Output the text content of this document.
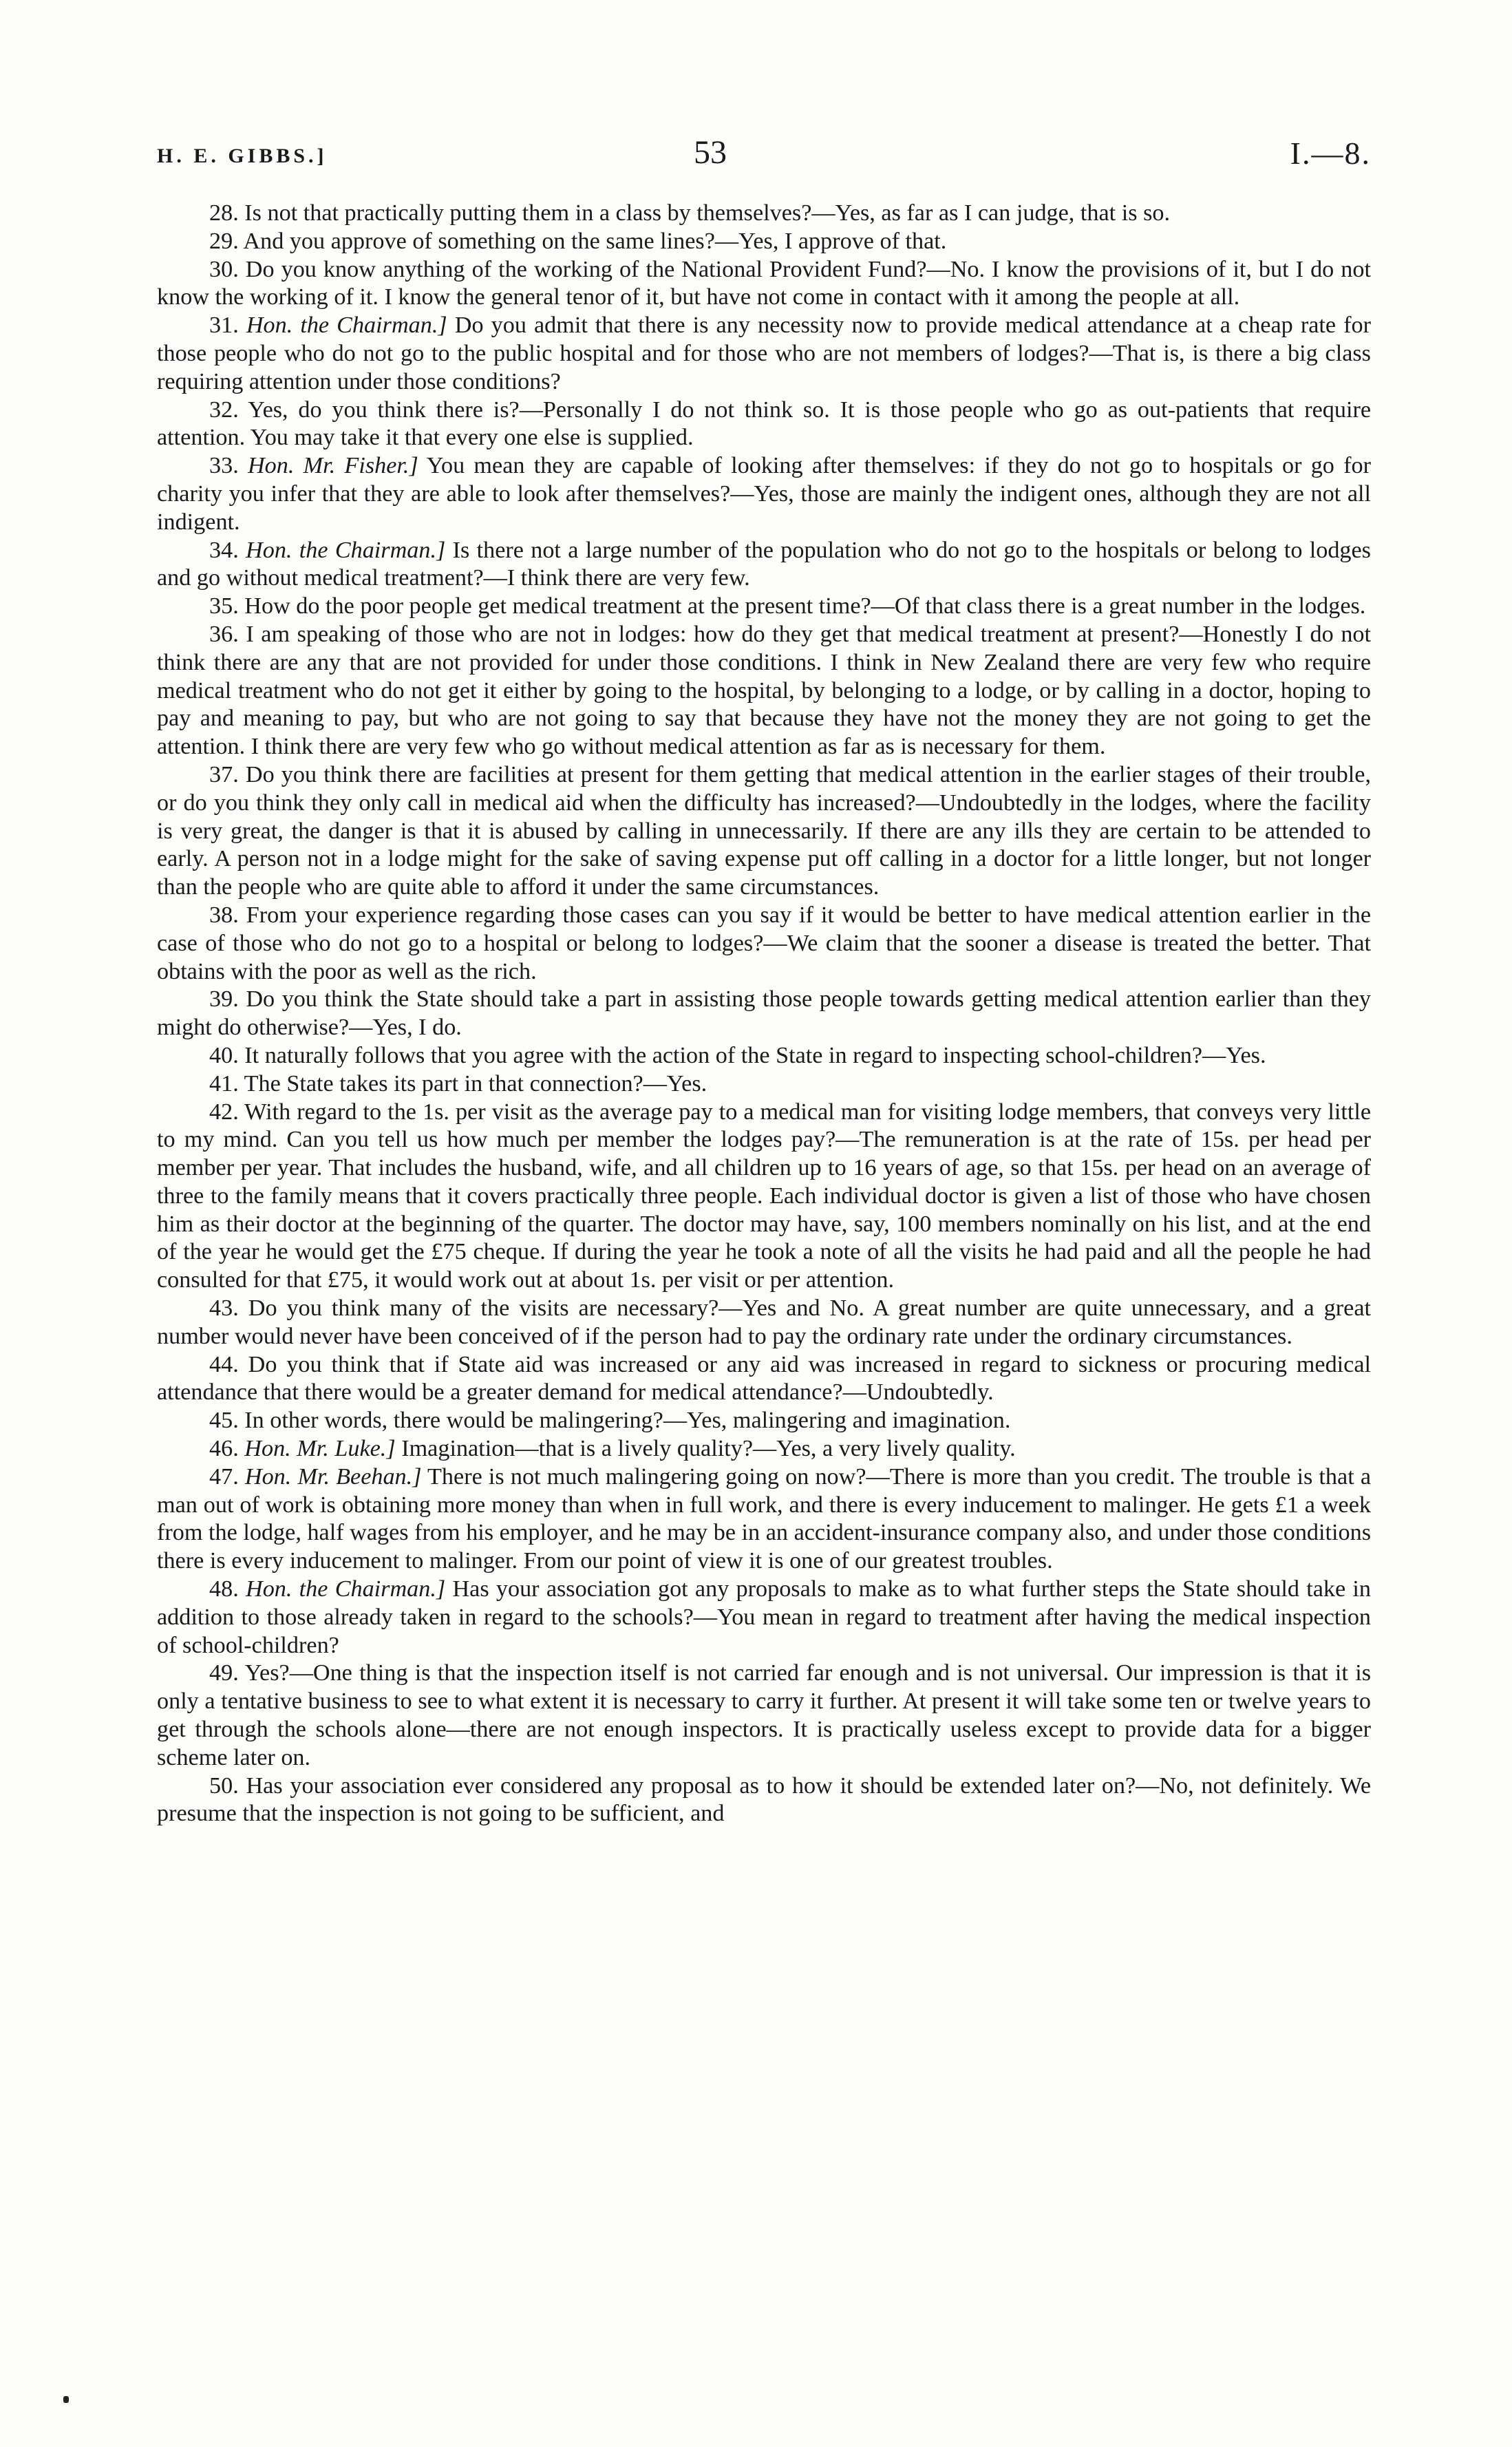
H. E. GIBBS.]	53	I.—8.

28. Is not that practically putting them in a class by themselves?—Yes, as far as I can judge, that is so.

29. And you approve of something on the same lines?—Yes, I approve of that.

30. Do you know anything of the working of the National Provident Fund?—No. I know the provisions of it, but I do not know the working of it. I know the general tenor of it, but have not come in contact with it among the people at all.

31. Hon. the Chairman.] Do you admit that there is any necessity now to provide medical attendance at a cheap rate for those people who do not go to the public hospital and for those who are not members of lodges?—That is, is there a big class requiring attention under those conditions?

32. Yes, do you think there is?—Personally I do not think so. It is those people who go as out-patients that require attention. You may take it that every one else is supplied.

33. Hon. Mr. Fisher.] You mean they are capable of looking after themselves: if they do not go to hospitals or go for charity you infer that they are able to look after themselves?—Yes, those are mainly the indigent ones, although they are not all indigent.

34. Hon. the Chairman.] Is there not a large number of the population who do not go to the hospitals or belong to lodges and go without medical treatment?—I think there are very few.

35. How do the poor people get medical treatment at the present time?—Of that class there is a great number in the lodges.

36. I am speaking of those who are not in lodges: how do they get that medical treatment at present?—Honestly I do not think there are any that are not provided for under those conditions. I think in New Zealand there are very few who require medical treatment who do not get it either by going to the hospital, by belonging to a lodge, or by calling in a doctor, hoping to pay and meaning to pay, but who are not going to say that because they have not the money they are not going to get the attention. I think there are very few who go without medical attention as far as is necessary for them.

37. Do you think there are facilities at present for them getting that medical attention in the earlier stages of their trouble, or do you think they only call in medical aid when the difficulty has increased?—Undoubtedly in the lodges, where the facility is very great, the danger is that it is abused by calling in unnecessarily. If there are any ills they are certain to be attended to early. A person not in a lodge might for the sake of saving expense put off calling in a doctor for a little longer, but not longer than the people who are quite able to afford it under the same circumstances.

38. From your experience regarding those cases can you say if it would be better to have medical attention earlier in the case of those who do not go to a hospital or belong to lodges?—We claim that the sooner a disease is treated the better. That obtains with the poor as well as the rich.

39. Do you think the State should take a part in assisting those people towards getting medical attention earlier than they might do otherwise?—Yes, I do.

40. It naturally follows that you agree with the action of the State in regard to inspecting school-children?—Yes.

41. The State takes its part in that connection?—Yes.

42. With regard to the 1s. per visit as the average pay to a medical man for visiting lodge members, that conveys very little to my mind. Can you tell us how much per member the lodges pay?—The remuneration is at the rate of 15s. per head per member per year. That includes the husband, wife, and all children up to 16 years of age, so that 15s. per head on an average of three to the family means that it covers practically three people. Each individual doctor is given a list of those who have chosen him as their doctor at the beginning of the quarter. The doctor may have, say, 100 members nominally on his list, and at the end of the year he would get the £75 cheque. If during the year he took a note of all the visits he had paid and all the people he had consulted for that £75, it would work out at about 1s. per visit or per attention.

43. Do you think many of the visits are necessary?—Yes and No. A great number are quite unnecessary, and a great number would never have been conceived of if the person had to pay the ordinary rate under the ordinary circumstances.

44. Do you think that if State aid was increased or any aid was increased in regard to sickness or procuring medical attendance that there would be a greater demand for medical attendance?—Undoubtedly.

45. In other words, there would be malingering?—Yes, malingering and imagination.

46. Hon. Mr. Luke.] Imagination—that is a lively quality?—Yes, a very lively quality.

47. Hon. Mr. Beehan.] There is not much malingering going on now?—There is more than you credit. The trouble is that a man out of work is obtaining more money than when in full work, and there is every inducement to malinger. He gets £1 a week from the lodge, half wages from his employer, and he may be in an accident-insurance company also, and under those conditions there is every inducement to malinger. From our point of view it is one of our greatest troubles.

48. Hon. the Chairman.] Has your association got any proposals to make as to what further steps the State should take in addition to those already taken in regard to the schools?—You mean in regard to treatment after having the medical inspection of school-children?

49. Yes?—One thing is that the inspection itself is not carried far enough and is not universal. Our impression is that it is only a tentative business to see to what extent it is necessary to carry it further. At present it will take some ten or twelve years to get through the schools alone—there are not enough inspectors. It is practically useless except to provide data for a bigger scheme later on.

50. Has your association ever considered any proposal as to how it should be extended later on?—No, not definitely. We presume that the inspection is not going to be sufficient, and
